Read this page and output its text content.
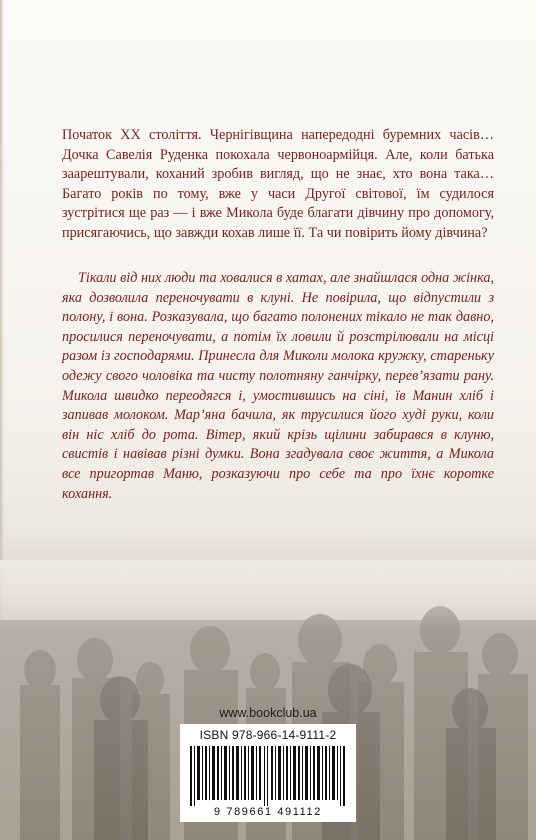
Початок XX століття. Чернігівщина напередодні буремних часів… Дочка Савелія Руденка покохала червоноармійця. Але, коли батька заарештували, коханий зробив вигляд, що не знає, хто вона така… Багато років по тому, вже у часи Другої світової, їм судилося зустрітися ще раз — і вже Микола буде благати дівчину про допомогу, присягаючись, що завжди кохав лише її. Та чи повірить йому дівчина?

Тікали від них люди та ховалися в хатах, але знайшлася одна жінка, яка дозволила переночувати в клуні. Не повірила, що відпустили з полону, і вона. Розказувала, що багато полонених тікало не так давно, просилися переночувати, а потім їх ловили й розстрілювали на місці разом із господарями. Принесла для Миколи молока кружку, стареньку одежу свого чоловіка та чисту полотняну ганчірку, перев’язати рану. Микола швидко переодягся і, умостившись на сіні, їв Манин хліб і запивав молоком. Мар’яна бачила, як трусилися його худі руки, коли він ніс хліб до рота. Вітер, який крізь щілини забирався в клуню, свистів і навівав різні думки. Вона згадувала своє життя, а Микола все пригортав Маню, розказуючи про себе та про їхнє коротке кохання.

www.bookclub.ua
ISBN 978-966-14-9111-2
9 789661 491112
